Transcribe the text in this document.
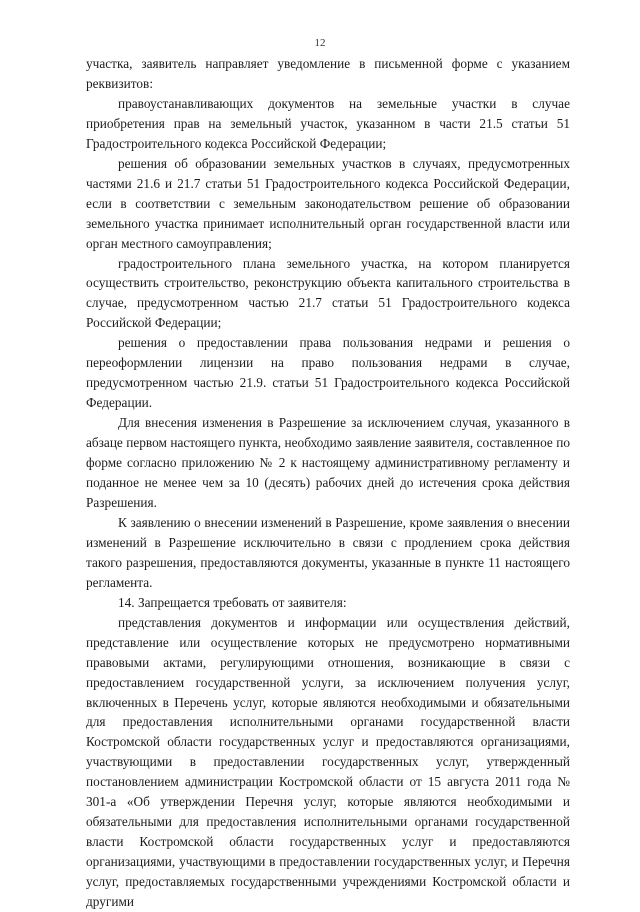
12

участка, заявитель направляет уведомление в письменной форме с указанием реквизитов:

правоустанавливающих документов на земельные участки в случае приобретения прав на земельный участок, указанном в части 21.5 статьи 51 Градостроительного кодекса Российской Федерации;

решения об образовании земельных участков в случаях, предусмотренных частями 21.6 и 21.7 статьи 51 Градостроительного кодекса Российской Федерации, если в соответствии с земельным законодательством решение об образовании земельного участка принимает исполнительный орган государственной власти или орган местного самоуправления;

градостроительного плана земельного участка, на котором планируется осуществить строительство, реконструкцию объекта капитального строительства в случае, предусмотренном частью 21.7 статьи 51 Градостроительного кодекса Российской Федерации;

решения о предоставлении права пользования недрами и решения о переоформлении лицензии на право пользования недрами в случае, предусмотренном частью 21.9. статьи 51 Градостроительного кодекса Российской Федерации.

Для внесения изменения в Разрешение за исключением случая, указанного в абзаце первом настоящего пункта, необходимо заявление заявителя, составленное по форме согласно приложению № 2 к настоящему административному регламенту и поданное не менее чем за 10 (десять) рабочих дней до истечения срока действия Разрешения.

К заявлению о внесении изменений в Разрешение, кроме заявления о внесении изменений в Разрешение исключительно в связи с продлением срока действия такого разрешения, предоставляются документы, указанные в пункте 11 настоящего регламента.

14. Запрещается требовать от заявителя:

представления документов и информации или осуществления действий, представление или осуществление которых не предусмотрено нормативными правовыми актами, регулирующими отношения, возникающие в связи с предоставлением государственной услуги, за исключением получения услуг, включенных в Перечень услуг, которые являются необходимыми и обязательными для предоставления исполнительными органами государственной власти Костромской области государственных услуг и предоставляются организациями, участвующими в предоставлении государственных услуг, утвержденный постановлением администрации Костромской области от 15 августа 2011 года № 301-а «Об утверждении Перечня услуг, которые являются необходимыми и обязательными для предоставления исполнительными органами государственной власти Костромской области государственных услуг и предоставляются организациями, участвующими в предоставлении государственных услуг, и Перечня услуг, предоставляемых государственными учреждениями Костромской области и другими
